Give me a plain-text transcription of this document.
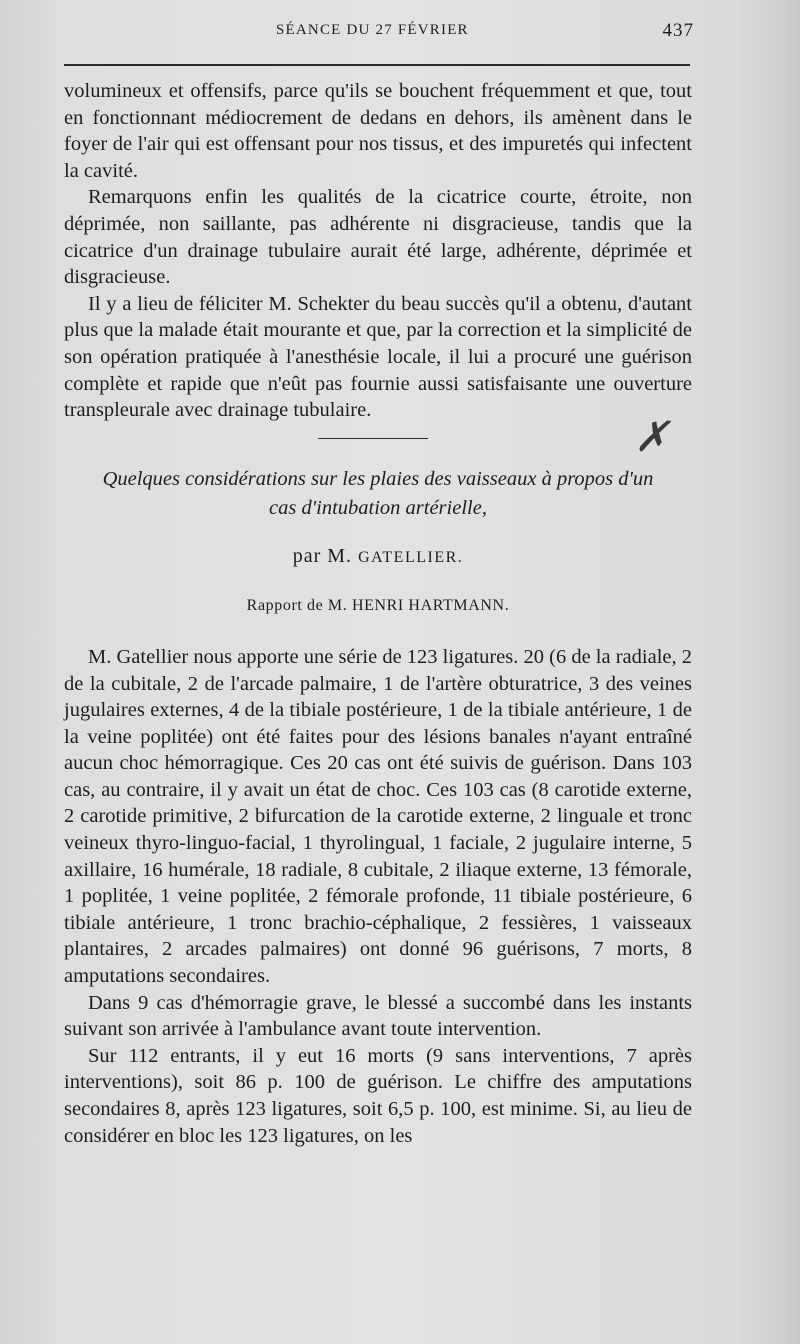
SÉANCE DU 27 FÉVRIER	437
✗

volumineux et offensifs, parce qu'ils se bouchent fréquemment et que, tout en fonctionnant médiocrement de dedans en dehors, ils amènent dans le foyer de l'air qui est offensant pour nos tissus, et des impuretés qui infectent la cavité.

Remarquons enfin les qualités de la cicatrice courte, étroite, non déprimée, non saillante, pas adhérente ni disgracieuse, tandis que la cicatrice d'un drainage tubulaire aurait été large, adhérente, déprimée et disgracieuse.

Il y a lieu de féliciter M. Schekter du beau succès qu'il a obtenu, d'autant plus que la malade était mourante et que, par la correction et la simplicité de son opération pratiquée à l'anesthésie locale, il lui a procuré une guérison complète et rapide que n'eût pas fournie aussi satisfaisante une ouverture transpleurale avec drainage tubulaire.

Quelques considérations sur les plaies des vaisseaux à propos d'un
cas d'intubation artérielle,
par M. GATELLIER.
Rapport de M. HENRI HARTMANN.

M. Gatellier nous apporte une série de 123 ligatures. 20 (6 de la radiale, 2 de la cubitale, 2 de l'arcade palmaire, 1 de l'artère obturatrice, 3 des veines jugulaires externes, 4 de la tibiale postérieure, 1 de la tibiale antérieure, 1 de la veine poplitée) ont été faites pour des lésions banales n'ayant entraîné aucun choc hémorragique. Ces 20 cas ont été suivis de guérison. Dans 103 cas, au contraire, il y avait un état de choc. Ces 103 cas (8 carotide externe, 2 carotide primitive, 2 bifurcation de la carotide externe, 2 linguale et tronc veineux thyro-linguo-facial, 1 thyrolingual, 1 faciale, 2 jugulaire interne, 5 axillaire, 16 humérale, 18 radiale, 8 cubitale, 2 iliaque externe, 13 fémorale, 1 poplitée, 1 veine poplitée, 2 fémorale profonde, 11 tibiale postérieure, 6 tibiale antérieure, 1 tronc brachio-céphalique, 2 fessières, 1 vaisseaux plantaires, 2 arcades palmaires) ont donné 96 guérisons, 7 morts, 8 amputations secondaires.

Dans 9 cas d'hémorragie grave, le blessé a succombé dans les instants suivant son arrivée à l'ambulance avant toute intervention.

Sur 112 entrants, il y eut 16 morts (9 sans interventions, 7 après interventions), soit 86 p. 100 de guérison. Le chiffre des amputations secondaires 8, après 123 ligatures, soit 6,5 p. 100, est minime. Si, au lieu de considérer en bloc les 123 ligatures, on les
